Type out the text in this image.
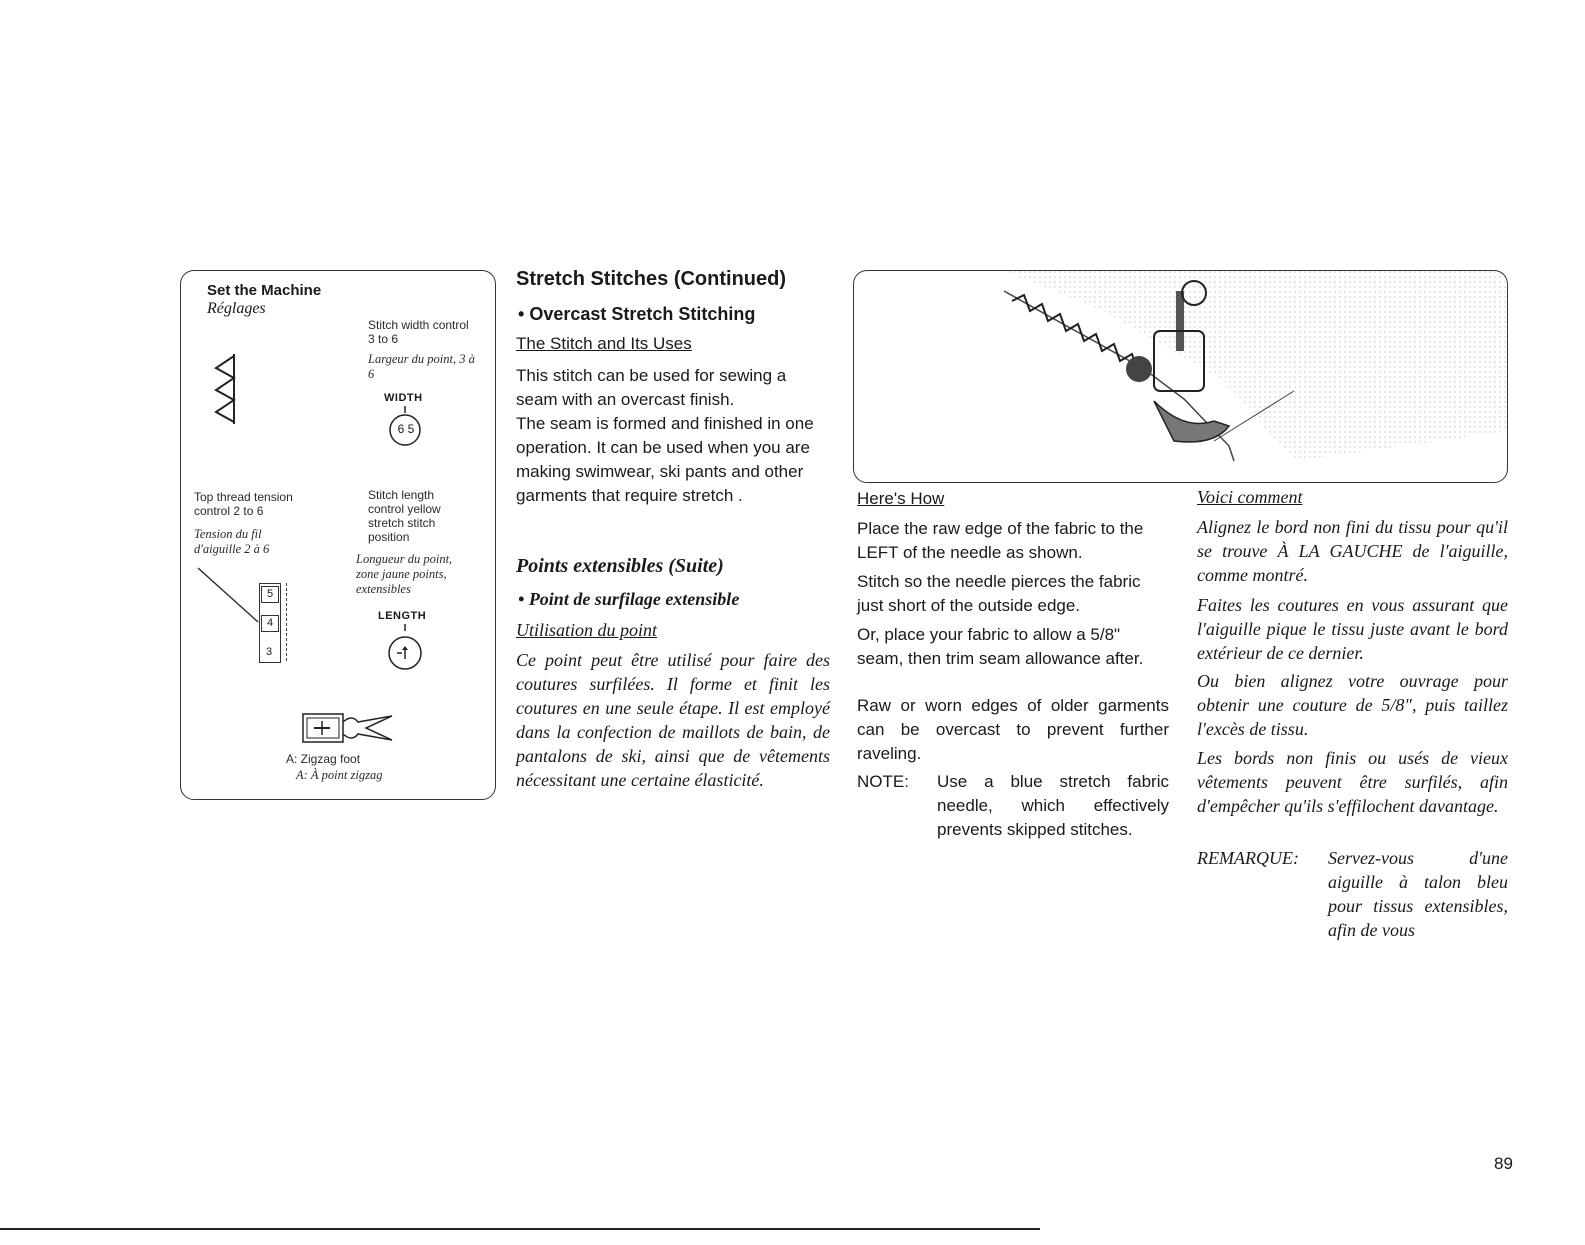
Set the Machine
Réglages
Stitch width control 3 to 6
Largeur du point, 3 à 6
WIDTH
6 5
Top thread tension control 2 to 6
Tension du fil d'aiguille 2 à 6
5
4
3
Stitch length control yellow stretch stitch position
Longueur du point, zone jaune points, extensibles
LENGTH
A: Zigzag foot
A: À point zigzag
Stretch Stitches (Continued)
• Overcast Stretch Stitching
The Stitch and Its Uses

This stitch can be used for sewing a seam with an overcast finish.

The seam is formed and finished in one operation. It can be used when you are making swimwear, ski pants and other garments that require stretch .

Points extensibles (Suite)
• Point de surfilage extensible
Utilisation du point

Ce point peut être utilisé pour faire des coutures surfilées. Il forme et finit les coutures en une seule étape. Il est employé dans la confection de maillots de bain, de pantalons de ski, ainsi que de vêtements nécessitant une certaine élasticité.

Here's How

Place the raw edge of the fabric to the LEFT of the needle as shown.

Stitch so the needle pierces the fabric just short of the outside edge.

Or, place your fabric to allow a 5/8" seam, then trim seam allowance after.

Raw or worn edges of older garments can be overcast to prevent further raveling.

NOTE: Use a blue stretch fabric needle, which effectively prevents skipped stitches.

Voici comment

Alignez le bord non fini du tissu pour qu'il se trouve À LA GAUCHE de l'aiguille, comme montré.

Faites les coutures en vous assurant que l'aiguille pique le tissu juste avant le bord extérieur de ce dernier.

Ou bien alignez votre ouvrage pour obtenir une couture de 5/8", puis taillez l'excès de tissu.

Les bords non finis ou usés de vieux vêtements peuvent être surfilés, afin d'empêcher qu'ils s'effilochent davantage.

REMARQUE: Servez-vous d'une aiguille à talon bleu pour tissus extensibles, afin de vous

89
